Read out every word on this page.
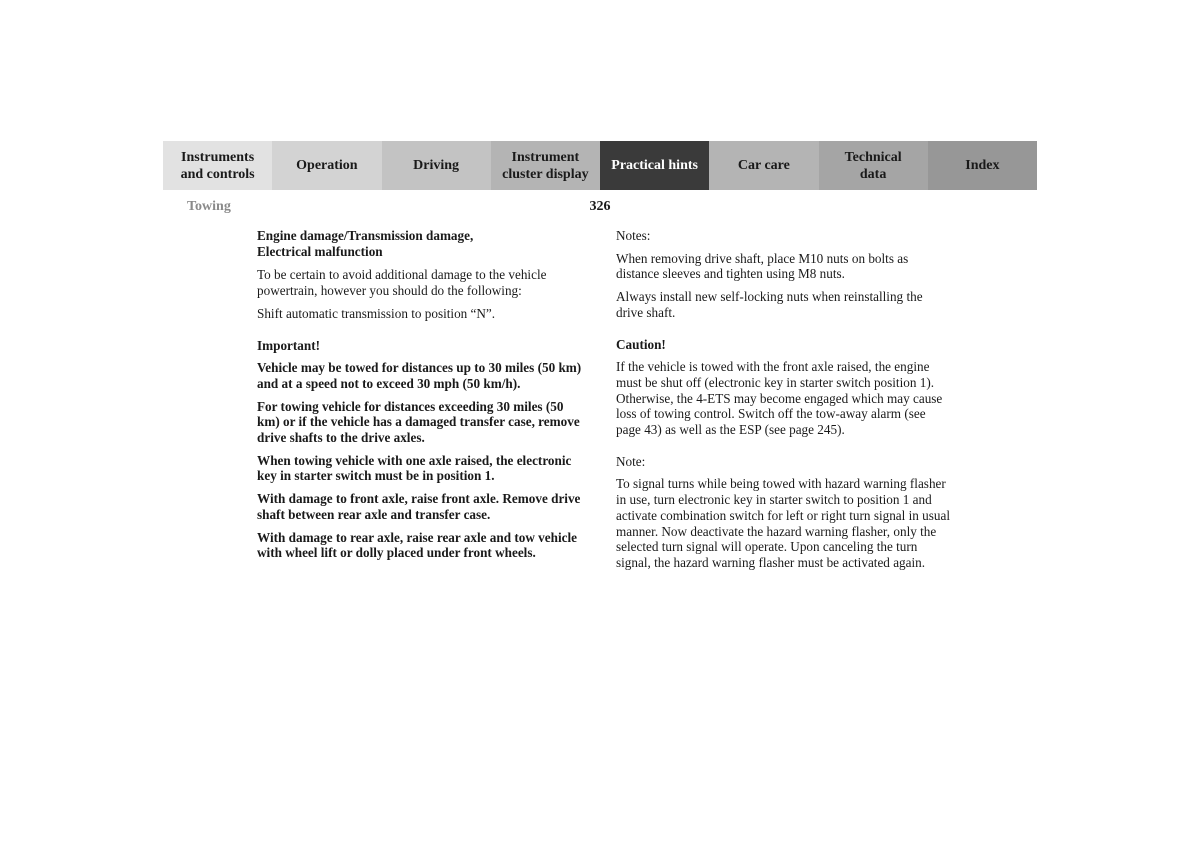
Instruments
and controls
Operation	Driving
Instrument
cluster display
Practical hints	Car care
Technical
data
Index
Towing	326

Engine damage/Transmission damage,
Electrical malfunction

To be certain to avoid additional damage to the vehicle powertrain, however you should do the following:

Shift automatic transmission to position “N”.

Important!

Vehicle may be towed for distances up to 30 miles (50 km) and at a speed not to exceed 30 mph (50 km/h).

For towing vehicle for distances exceeding 30 miles (50 km) or if the vehicle has a damaged transfer case, remove drive shafts to the drive axles.

When towing vehicle with one axle raised, the electronic key in starter switch must be in position 1.

With damage to front axle, raise front axle. Remove drive shaft between rear axle and transfer case.

With damage to rear axle, raise rear axle and tow vehicle with wheel lift or dolly placed under front wheels.

Notes:

When removing drive shaft, place M10 nuts on bolts as distance sleeves and tighten using M8 nuts.

Always install new self-locking nuts when reinstalling the drive shaft.

Caution!

If the vehicle is towed with the front axle raised, the engine must be shut off (electronic key in starter switch position 1). Otherwise, the 4-ETS may become engaged which may cause loss of towing control. Switch off the tow-away alarm (see page 43) as well as the ESP (see page 245).

Note:

To signal turns while being towed with hazard warning flasher in use, turn electronic key in starter switch to position 1 and activate combination switch for left or right turn signal in usual manner. Now deactivate the hazard warning flasher, only the selected turn signal will operate. Upon canceling the turn signal, the hazard warning flasher must be activated again.
